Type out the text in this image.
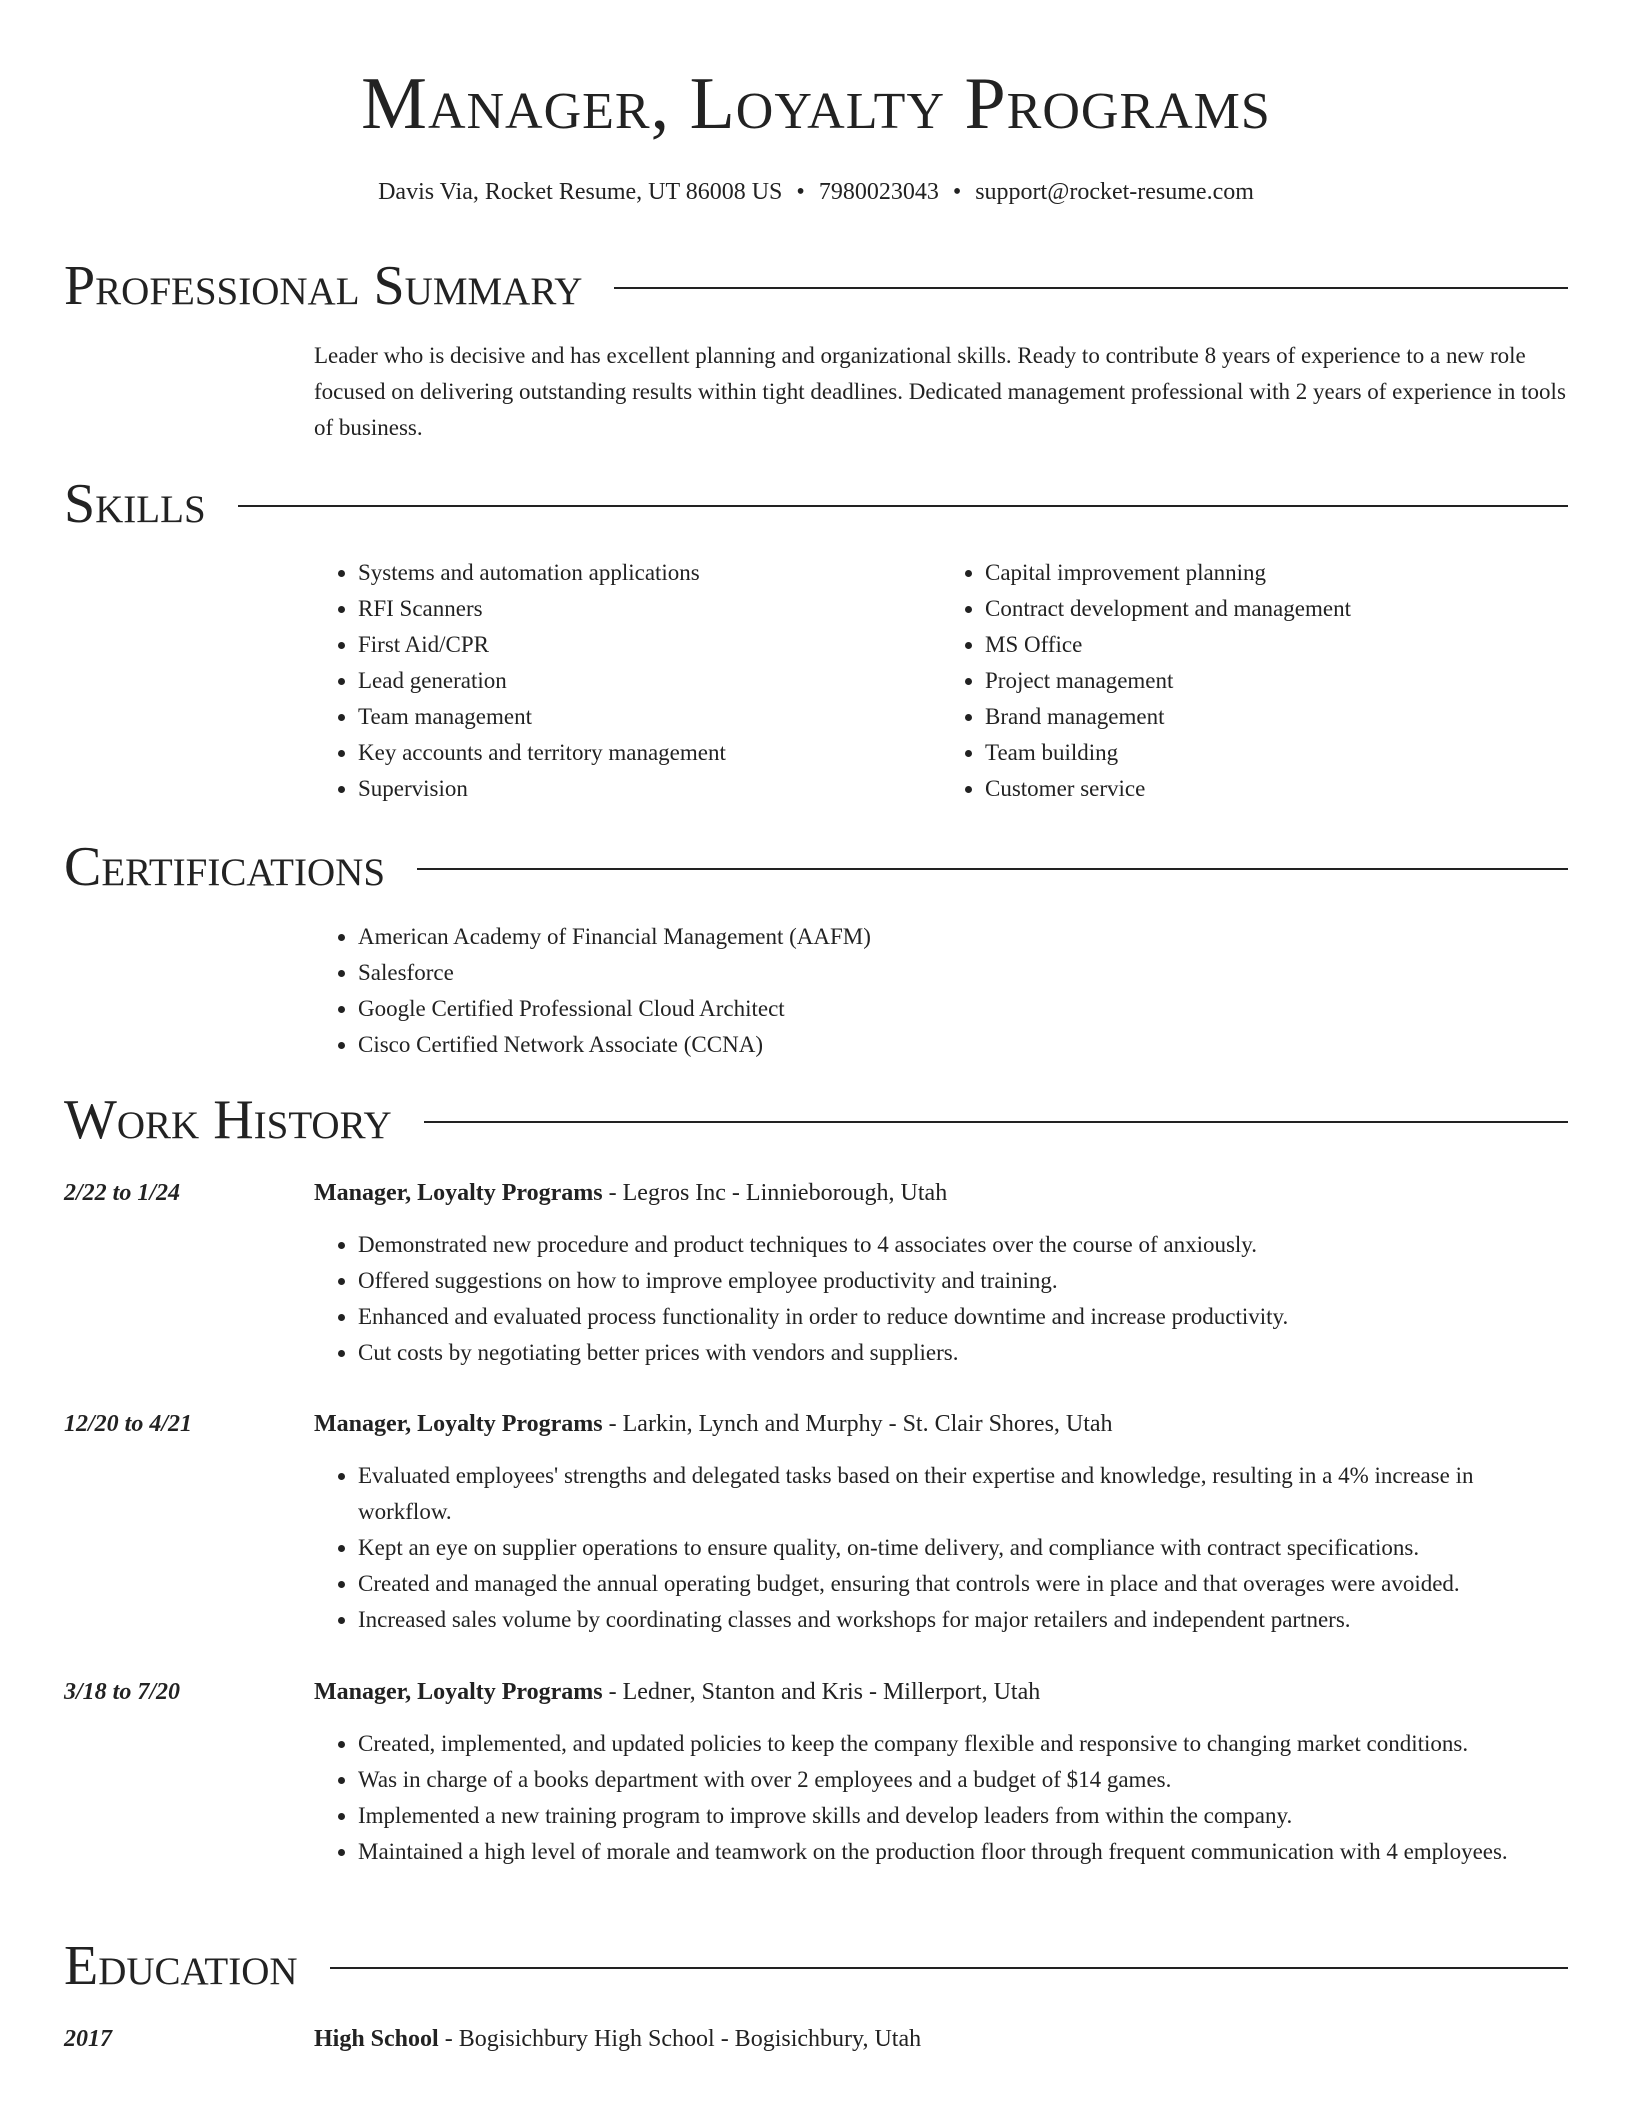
Manager, Loyalty Programs
Davis Via, Rocket Resume, UT 86008 US • 7980023043 • support@rocket-resume.com
Professional Summary
Leader who is decisive and has excellent planning and organizational skills. Ready to contribute 8 years of experience to a new role focused on delivering outstanding results within tight deadlines. Dedicated management professional with 2 years of experience in tools of business.
Skills
• Systems and automation applications
• RFI Scanners
• First Aid/CPR
• Lead generation
• Team management
• Key accounts and territory management
• Supervision
• Capital improvement planning
• Contract development and management
• MS Office
• Project management
• Brand management
• Team building
• Customer service
Certifications
• American Academy of Financial Management (AAFM)
• Salesforce
• Google Certified Professional Cloud Architect
• Cisco Certified Network Associate (CCNA)
Work History
2/22 to 1/24	Manager, Loyalty Programs - Legros Inc - Linnieborough, Utah
• Demonstrated new procedure and product techniques to 4 associates over the course of anxiously.
• Offered suggestions on how to improve employee productivity and training.
• Enhanced and evaluated process functionality in order to reduce downtime and increase productivity.
• Cut costs by negotiating better prices with vendors and suppliers.
12/20 to 4/21	Manager, Loyalty Programs - Larkin, Lynch and Murphy - St. Clair Shores, Utah
• Evaluated employees' strengths and delegated tasks based on their expertise and knowledge, resulting in a 4% increase in workflow.
• Kept an eye on supplier operations to ensure quality, on-time delivery, and compliance with contract specifications.
• Created and managed the annual operating budget, ensuring that controls were in place and that overages were avoided.
• Increased sales volume by coordinating classes and workshops for major retailers and independent partners.
3/18 to 7/20	Manager, Loyalty Programs - Ledner, Stanton and Kris - Millerport, Utah
• Created, implemented, and updated policies to keep the company flexible and responsive to changing market conditions.
• Was in charge of a books department with over 2 employees and a budget of $14 games.
• Implemented a new training program to improve skills and develop leaders from within the company.
• Maintained a high level of morale and teamwork on the production floor through frequent communication with 4 employees.
Education
2017	High School - Bogisichbury High School - Bogisichbury, Utah
